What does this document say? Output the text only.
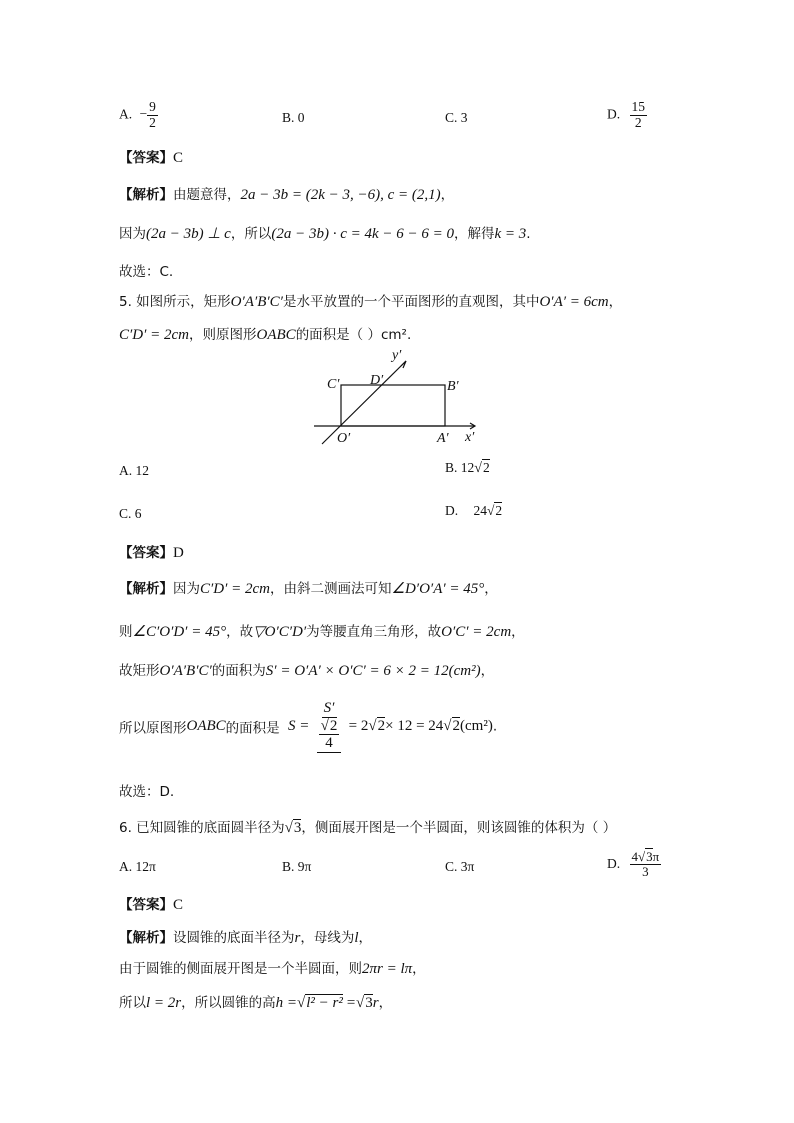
A. − $\frac{9}{2}$	B. 0	C. 3	D. $\frac{15}{2}$
【答案】C
【解析】由题意得，2a − 3b = (2k − 3, −6), c = (2,1)，
因为(2a − 3b) ⊥ c，所以(2a − 3b) · c = 4k − 6 − 6 = 0，解得k = 3.
故选：C.
5. 如图所示，矩形O′A′B′C′是水平放置的一个平面图形的直观图，其中O′A′ = 6cm，
C′D′ = 2cm，则原图形OABC的面积是（ ）cm².
y′
x′
C′ D′	B′
O′	A′
A. 12	B. 12√2
C. 6	D. 24√2
【答案】D
【解析】因为C′D′ = 2cm，由斜二测画法可知∠D′O′A′ = 45°，
则∠C′O′D′ = 45°，故▽O′C′D′为等腰直角三角形，故O′C′ = 2cm，
故矩形O′A′B′C′的面积为S′ = O′A′ × O′C′ = 6 × 2 = 12(cm²)，
所以原图形OABC的面积是 $S = \frac{S'}{\frac{√2}{4}} = 2√2\times 12 = 24√2(cm^2)$.
故选：D.
6. 已知圆锥的底面圆半径为√3，侧面展开图是一个半圆面，则该圆锥的体积为（ ）
A. 12π	B. 9π	C. 3π	D. $\frac{4√3\pi}{3}$
【答案】C
【解析】设圆锥的底面半径为r，母线为l，
由于圆锥的侧面展开图是一个半圆面，则2πr = lπ，
所以l = 2r，所以圆锥的高h =√l² − r² =√3r，
